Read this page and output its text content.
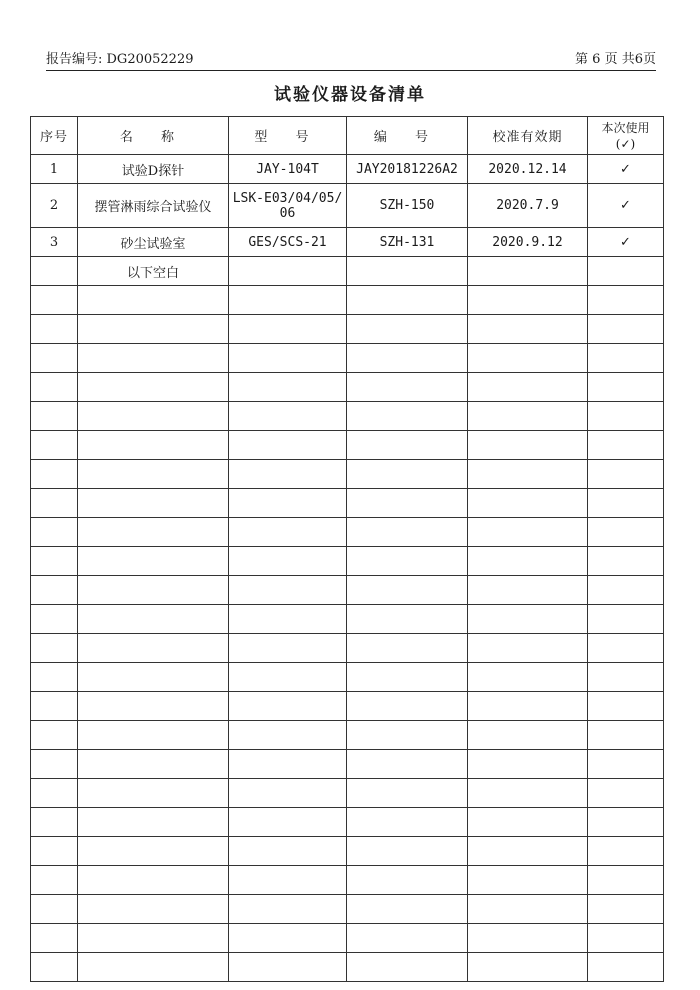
报告编号: DG20052229	第 6 页 共6页
试验仪器设备清单
序号	名 称	型 号	编 号	校准有效期	本次使用
(✓)

1	试验D探针	JAY-104T	JAY20181226A2	2020.12.14	✓
2	摆管淋雨综合试验仪	LSK-E03/04/05/06	SZH-150	2020.7.9	✓
3	砂尘试验室	GES/SCS-21	SZH-131	2020.9.12	✓
	以下空白				
